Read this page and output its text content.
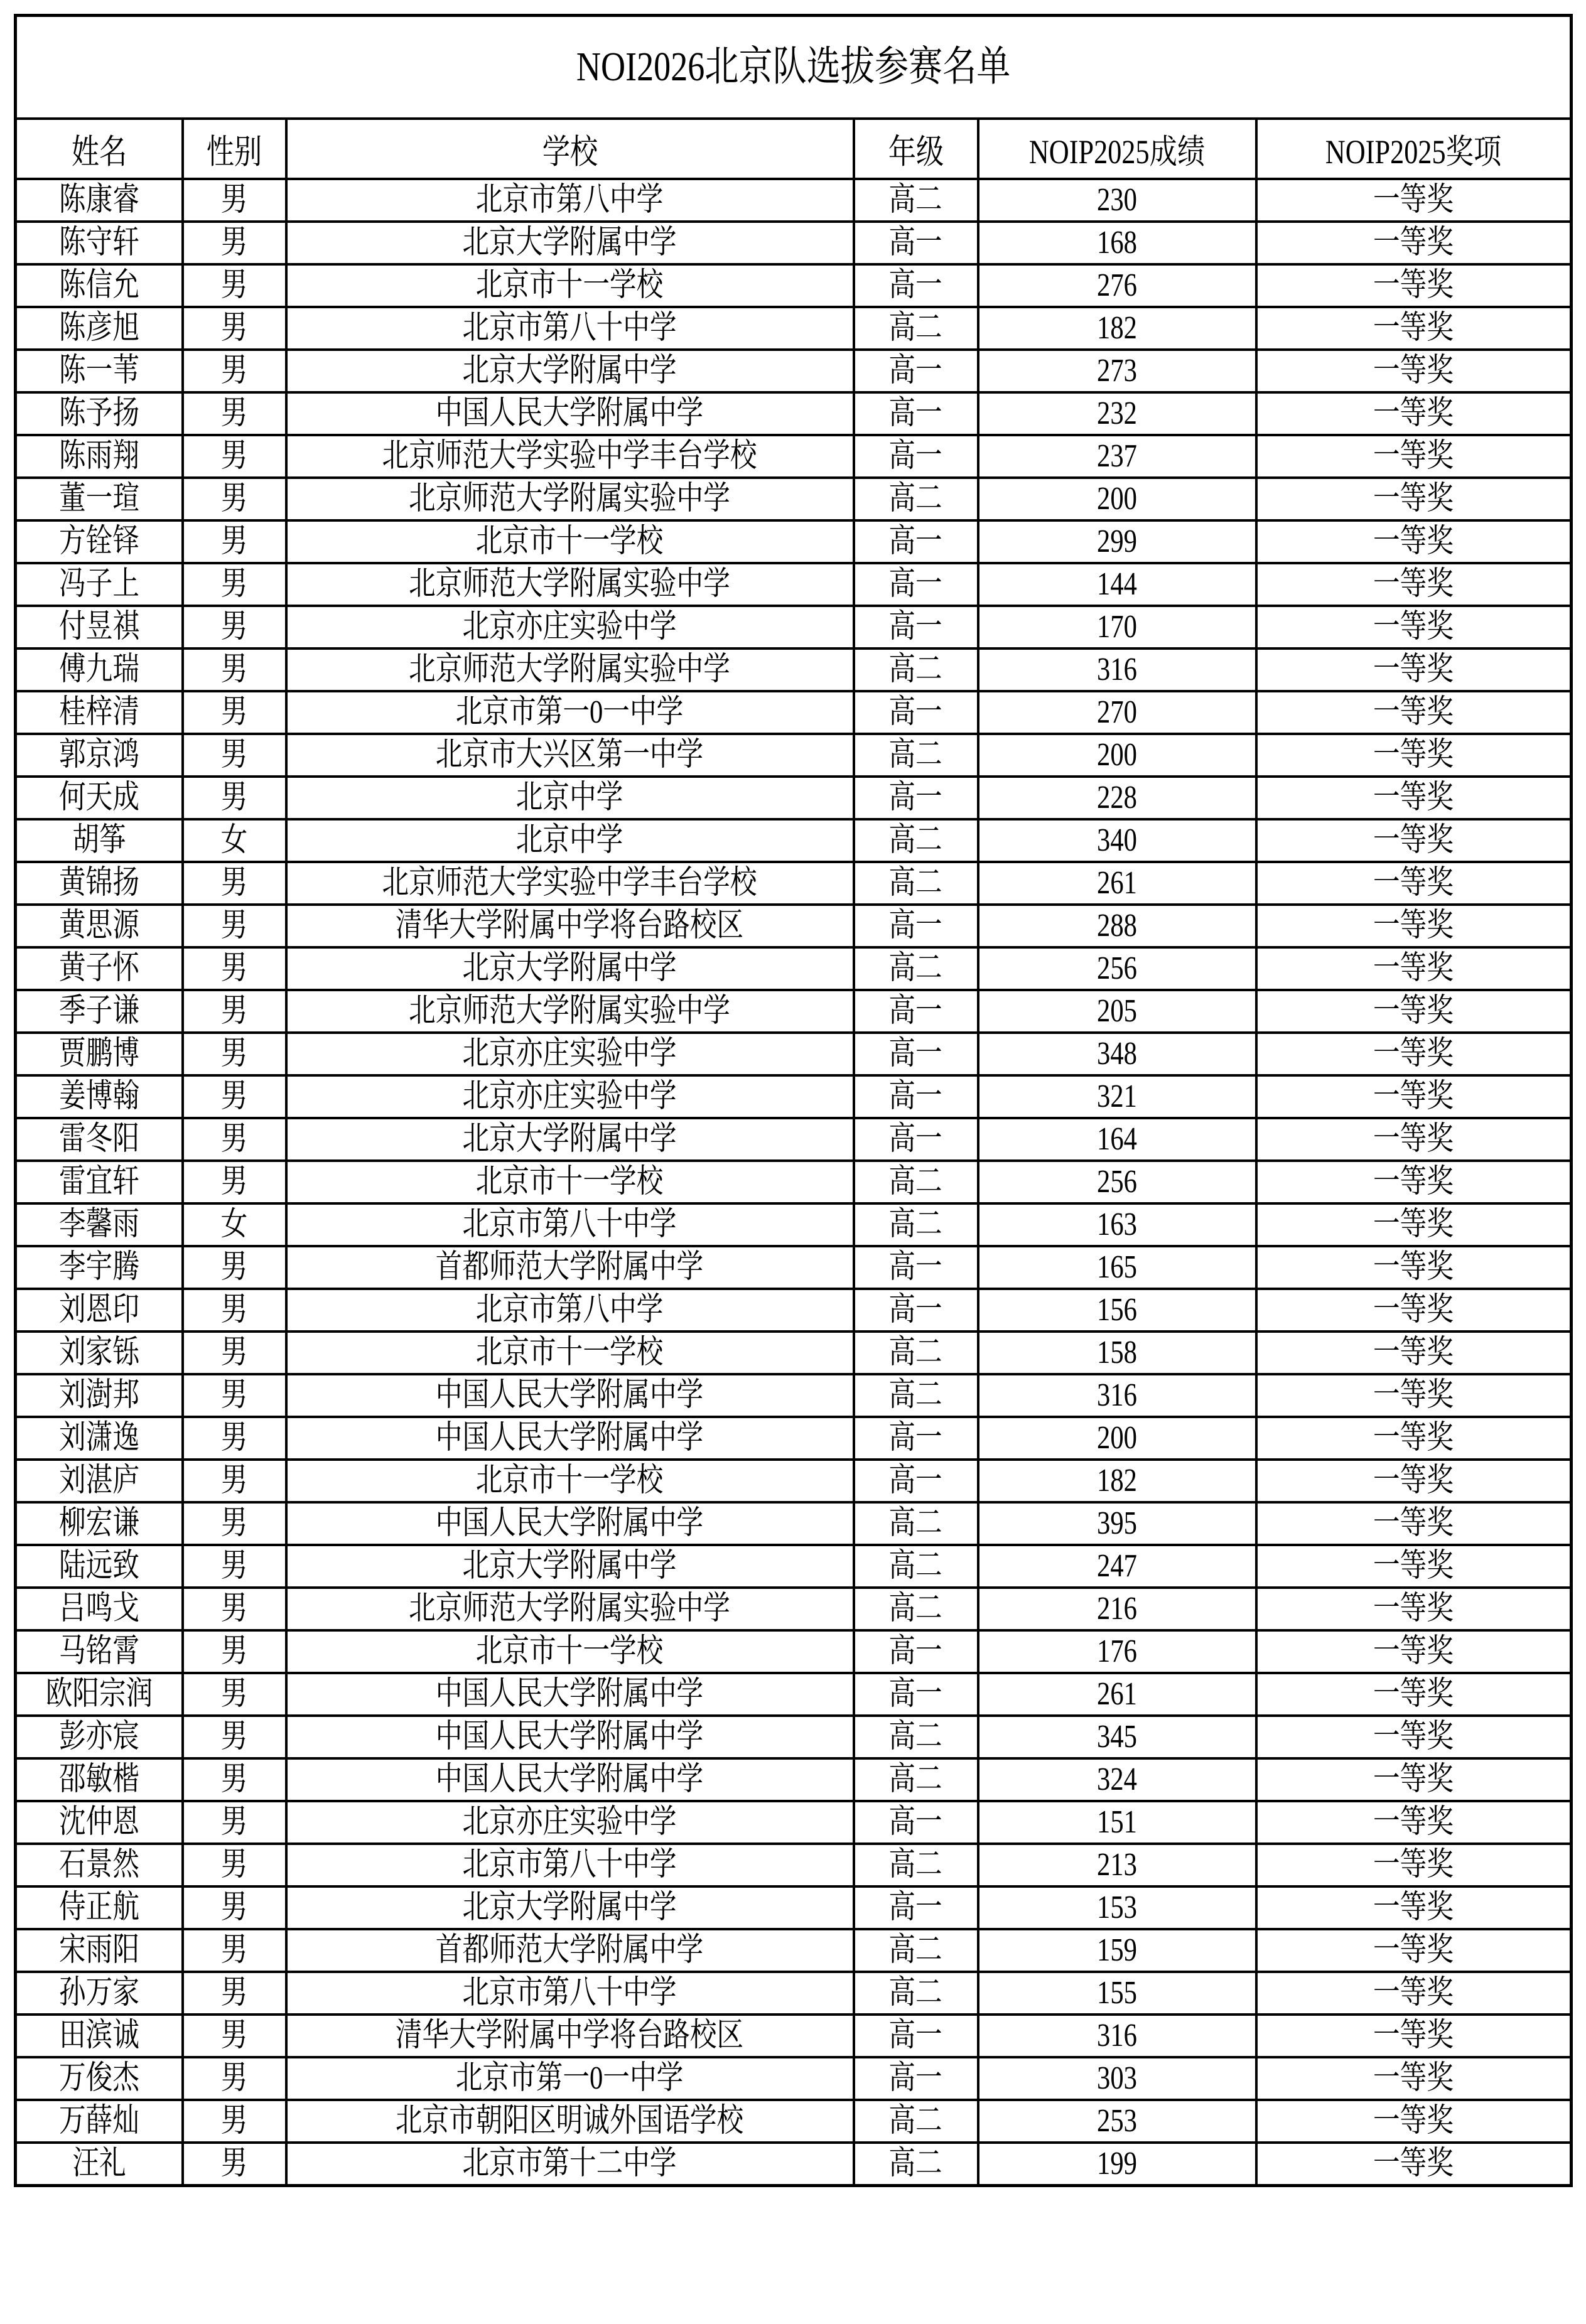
NOI2026北京队选拔参赛名单					
姓名	性别	学校	年级	NOIP2025成绩	NOIP2025奖项
陈康睿	男	北京市第八中学	高二	230	一等奖
陈守轩	男	北京大学附属中学	高一	168	一等奖
陈信允	男	北京市十一学校	高一	276	一等奖
陈彦旭	男	北京市第八十中学	高二	182	一等奖
陈一苇	男	北京大学附属中学	高一	273	一等奖
陈予扬	男	中国人民大学附属中学	高一	232	一等奖
陈雨翔	男	北京师范大学实验中学丰台学校	高一	237	一等奖
董一瑄	男	北京师范大学附属实验中学	高二	200	一等奖
方铨铎	男	北京市十一学校	高一	299	一等奖
冯子上	男	北京师范大学附属实验中学	高一	144	一等奖
付昱祺	男	北京亦庄实验中学	高一	170	一等奖
傅九瑞	男	北京师范大学附属实验中学	高二	316	一等奖
桂梓清	男	北京市第一0一中学	高一	270	一等奖
郭京鸿	男	北京市大兴区第一中学	高二	200	一等奖
何天成	男	北京中学	高一	228	一等奖
胡筝	女	北京中学	高二	340	一等奖
黄锦扬	男	北京师范大学实验中学丰台学校	高二	261	一等奖
黄思源	男	清华大学附属中学将台路校区	高一	288	一等奖
黄子怀	男	北京大学附属中学	高二	256	一等奖
季子谦	男	北京师范大学附属实验中学	高一	205	一等奖
贾鹏博	男	北京亦庄实验中学	高一	348	一等奖
姜博翰	男	北京亦庄实验中学	高一	321	一等奖
雷冬阳	男	北京大学附属中学	高一	164	一等奖
雷宜轩	男	北京市十一学校	高二	256	一等奖
李馨雨	女	北京市第八十中学	高二	163	一等奖
李宇腾	男	首都师范大学附属中学	高一	165	一等奖
刘恩印	男	北京市第八中学	高一	156	一等奖
刘家铄	男	北京市十一学校	高二	158	一等奖
刘澍邦	男	中国人民大学附属中学	高二	316	一等奖
刘潇逸	男	中国人民大学附属中学	高一	200	一等奖
刘湛庐	男	北京市十一学校	高一	182	一等奖
柳宏谦	男	中国人民大学附属中学	高二	395	一等奖
陆远致	男	北京大学附属中学	高二	247	一等奖
吕鸣戈	男	北京师范大学附属实验中学	高二	216	一等奖
马铭霄	男	北京市十一学校	高一	176	一等奖
欧阳宗润	男	中国人民大学附属中学	高一	261	一等奖
彭亦宸	男	中国人民大学附属中学	高二	345	一等奖
邵敏楷	男	中国人民大学附属中学	高二	324	一等奖
沈仲恩	男	北京亦庄实验中学	高一	151	一等奖
石景然	男	北京市第八十中学	高二	213	一等奖
侍正航	男	北京大学附属中学	高一	153	一等奖
宋雨阳	男	首都师范大学附属中学	高二	159	一等奖
孙万家	男	北京市第八十中学	高二	155	一等奖
田滨诚	男	清华大学附属中学将台路校区	高一	316	一等奖
万俊杰	男	北京市第一0一中学	高一	303	一等奖
万薛灿	男	北京市朝阳区明诚外国语学校	高二	253	一等奖
汪礼	男	北京市第十二中学	高二	199	一等奖
